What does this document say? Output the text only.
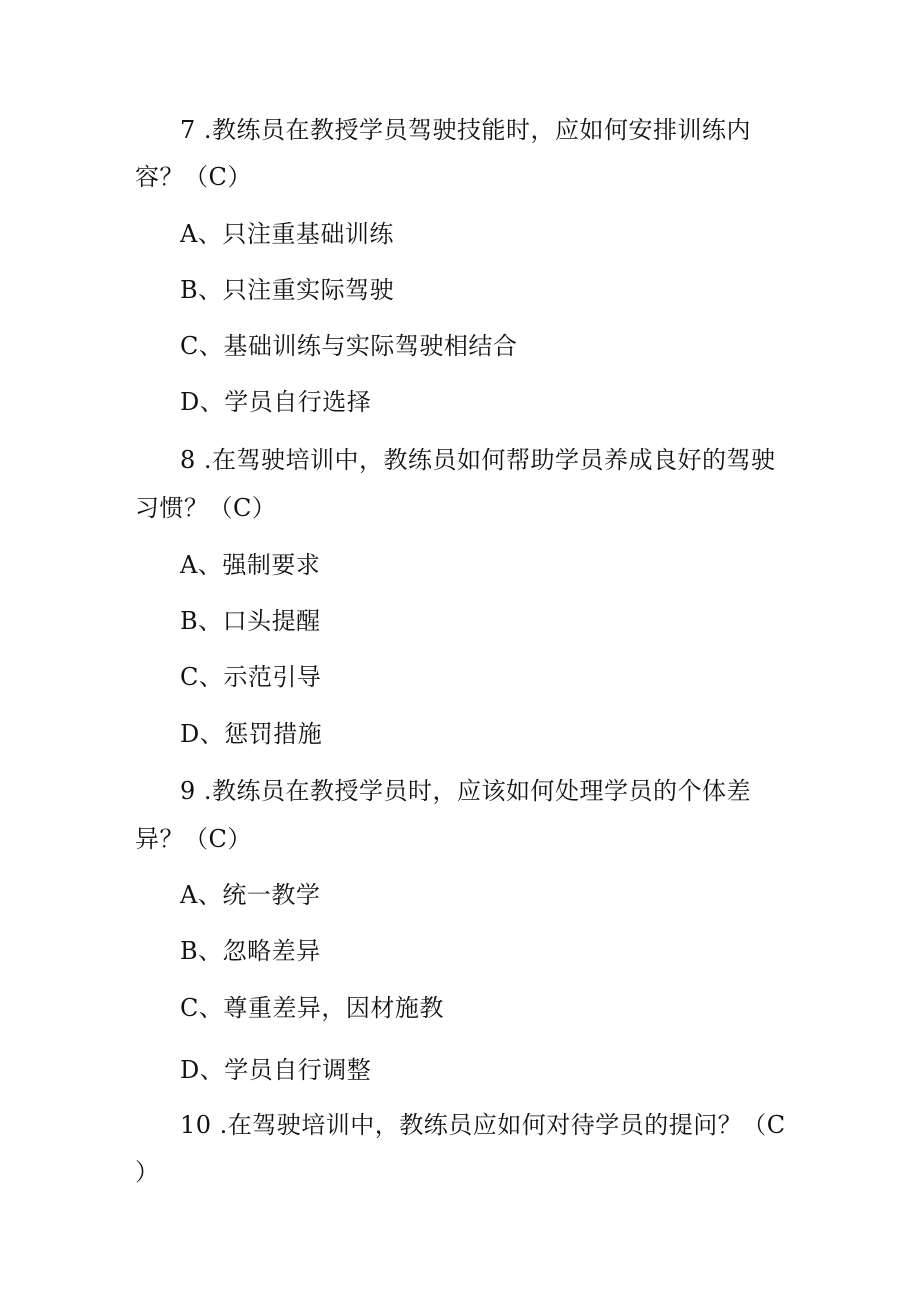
7 .教练员在教授学员驾驶技能时，应如何安排训练内
容？（C）
A、只注重基础训练
B、只注重实际驾驶
C、基础训练与实际驾驶相结合
D、学员自行选择
8 .在驾驶培训中，教练员如何帮助学员养成良好的驾驶
习惯？（C）
A、强制要求
B、口头提醒
C、示范引导
D、惩罚措施
9 .教练员在教授学员时，应该如何处理学员的个体差
异？（C）
A、统一教学
B、忽略差异
C、尊重差异，因材施教
D、学员自行调整
10 .在驾驶培训中，教练员应如何对待学员的提问？（C
）
